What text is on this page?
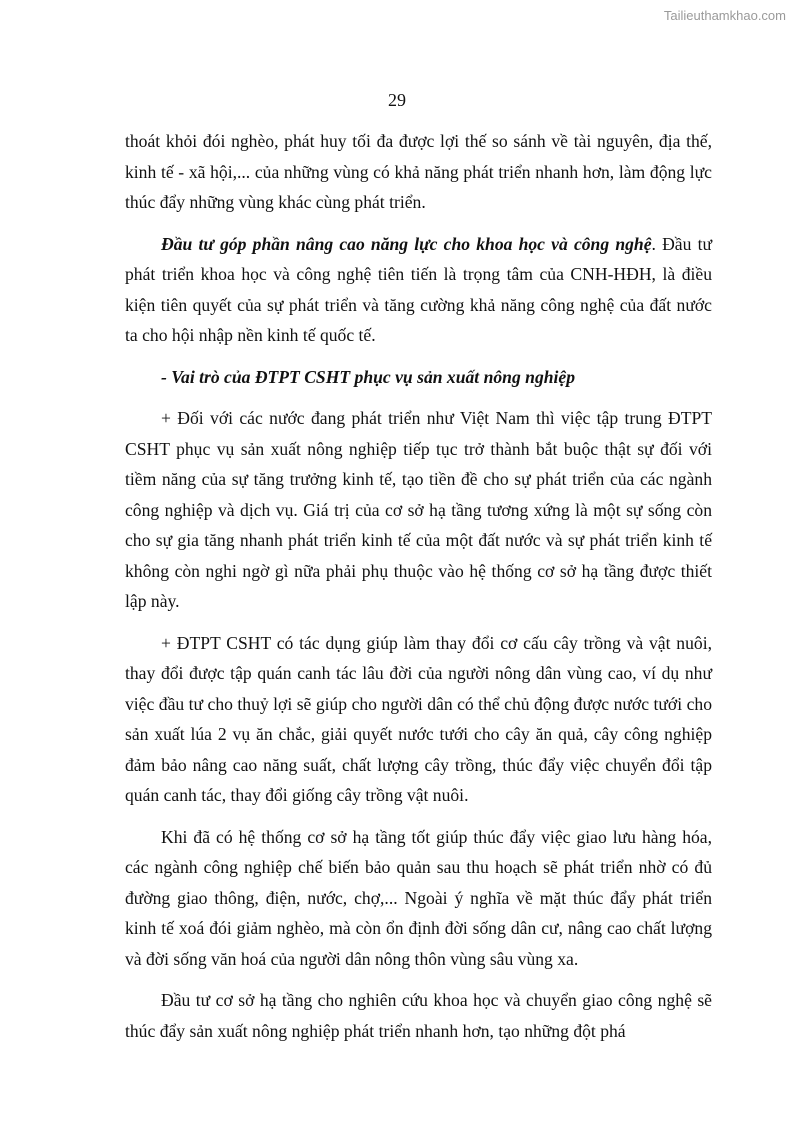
Tailieuthamkhao.com
29

thoát khỏi đói nghèo, phát huy tối đa được lợi thế so sánh về tài nguyên, địa thế, kinh tế - xã hội,... của những vùng có khả năng phát triển nhanh hơn, làm động lực thúc đẩy những vùng khác cùng phát triển.

Đầu tư góp phần nâng cao năng lực cho khoa học và công nghệ. Đầu tư phát triển khoa học và công nghệ tiên tiến là trọng tâm của CNH-HĐH, là điều kiện tiên quyết của sự phát triển và tăng cường khả năng công nghệ của đất nước ta cho hội nhập nền kinh tế quốc tế.

- Vai trò của ĐTPT CSHT phục vụ sản xuất nông nghiệp

+ Đối với các nước đang phát triển như Việt Nam thì việc tập trung ĐTPT CSHT phục vụ sản xuất nông nghiệp tiếp tục trở thành bắt buộc thật sự đối với tiềm năng của sự tăng trưởng kinh tế, tạo tiền đề cho sự phát triển của các ngành công nghiệp và dịch vụ. Giá trị của cơ sở hạ tầng tương xứng là một sự sống còn cho sự gia tăng nhanh phát triển kinh tế của một đất nước và sự phát triển kinh tế không còn nghi ngờ gì nữa phải phụ thuộc vào hệ thống cơ sở hạ tầng được thiết lập này.

+ ĐTPT CSHT có tác dụng giúp làm thay đổi cơ cấu cây trồng và vật nuôi, thay đổi được tập quán canh tác lâu đời của người nông dân vùng cao, ví dụ như việc đầu tư cho thuỷ lợi sẽ giúp cho người dân có thể chủ động được nước tưới cho sản xuất lúa 2 vụ ăn chắc, giải quyết nước tưới cho cây ăn quả, cây công nghiệp đảm bảo nâng cao năng suất, chất lượng cây trồng, thúc đẩy việc chuyển đổi tập quán canh tác, thay đổi giống cây trồng vật nuôi.

Khi đã có hệ thống cơ sở hạ tầng tốt giúp thúc đẩy việc giao lưu hàng hóa, các ngành công nghiệp chế biến bảo quản sau thu hoạch sẽ phát triển nhờ có đủ đường giao thông, điện, nước, chợ,... Ngoài ý nghĩa về mặt thúc đẩy phát triển kinh tế xoá đói giảm nghèo, mà còn ổn định đời sống dân cư, nâng cao chất lượng và đời sống văn hoá của người dân nông thôn vùng sâu vùng xa.

Đầu tư cơ sở hạ tầng cho nghiên cứu khoa học và chuyển giao công nghệ sẽ thúc đẩy sản xuất nông nghiệp phát triển nhanh hơn, tạo những đột phá
